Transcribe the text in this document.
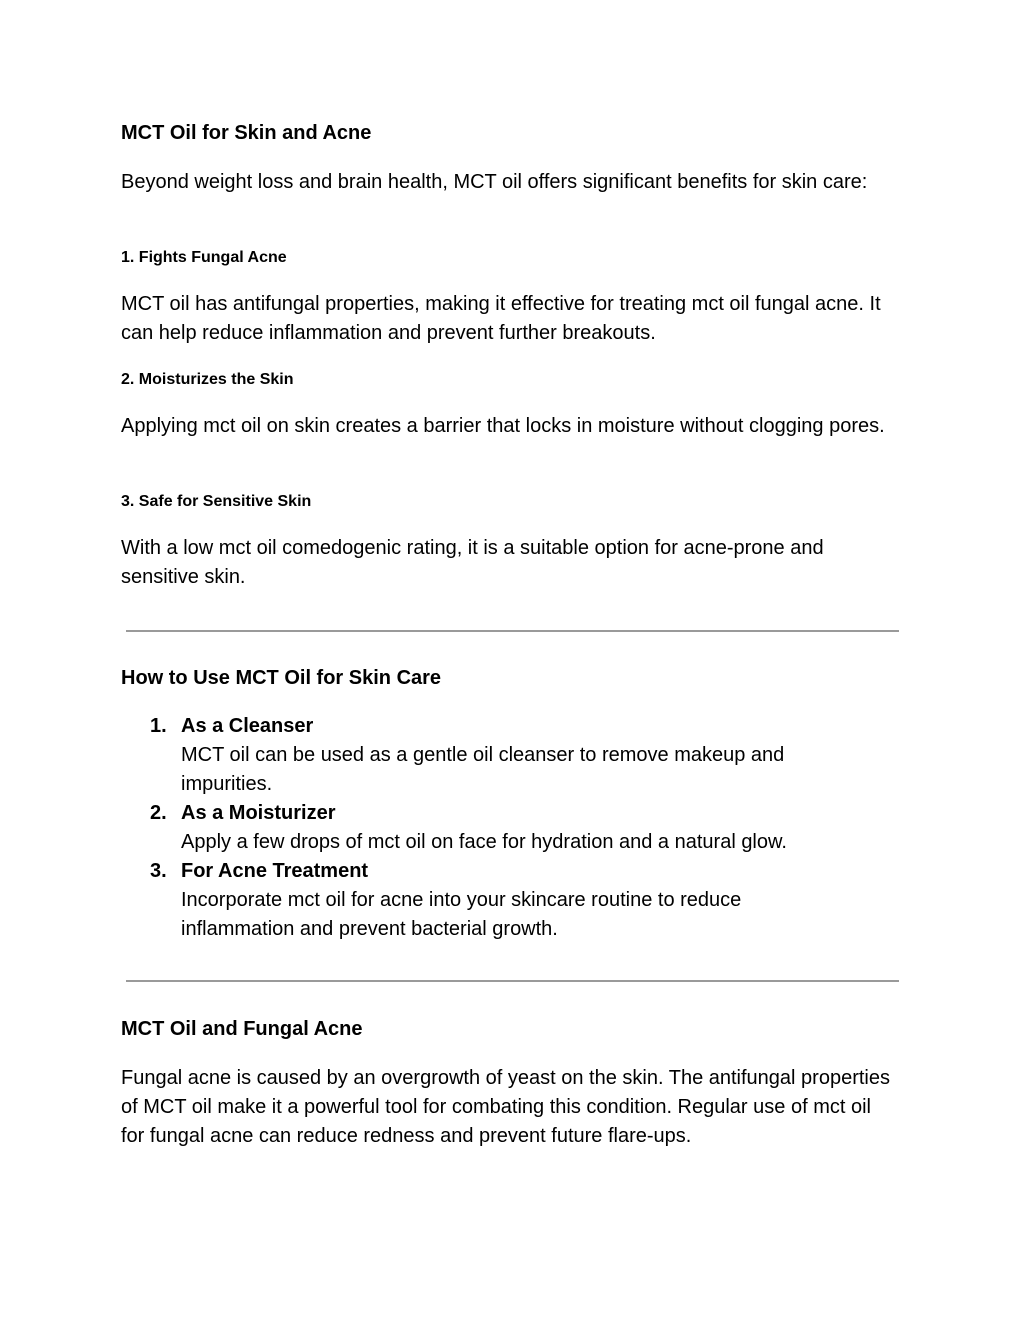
MCT Oil for Skin and Acne

Beyond weight loss and brain health, MCT oil offers significant benefits for skin care:

1. Fights Fungal Acne

MCT oil has antifungal properties, making it effective for treating mct oil fungal acne. It can help reduce inflammation and prevent further breakouts.

2. Moisturizes the Skin

Applying mct oil on skin creates a barrier that locks in moisture without clogging pores.

3. Safe for Sensitive Skin

With a low mct oil comedogenic rating, it is a suitable option for acne-prone and sensitive skin.

How to Use MCT Oil for Skin Care
1. As a Cleanser
MCT oil can be used as a gentle oil cleanser to remove makeup and impurities.
2. As a Moisturizer
Apply a few drops of mct oil on face for hydration and a natural glow.
3. For Acne Treatment
Incorporate mct oil for acne into your skincare routine to reduce inflammation and prevent bacterial growth.
MCT Oil and Fungal Acne

Fungal acne is caused by an overgrowth of yeast on the skin. The antifungal properties of MCT oil make it a powerful tool for combating this condition. Regular use of mct oil for fungal acne can reduce redness and prevent future flare-ups.
